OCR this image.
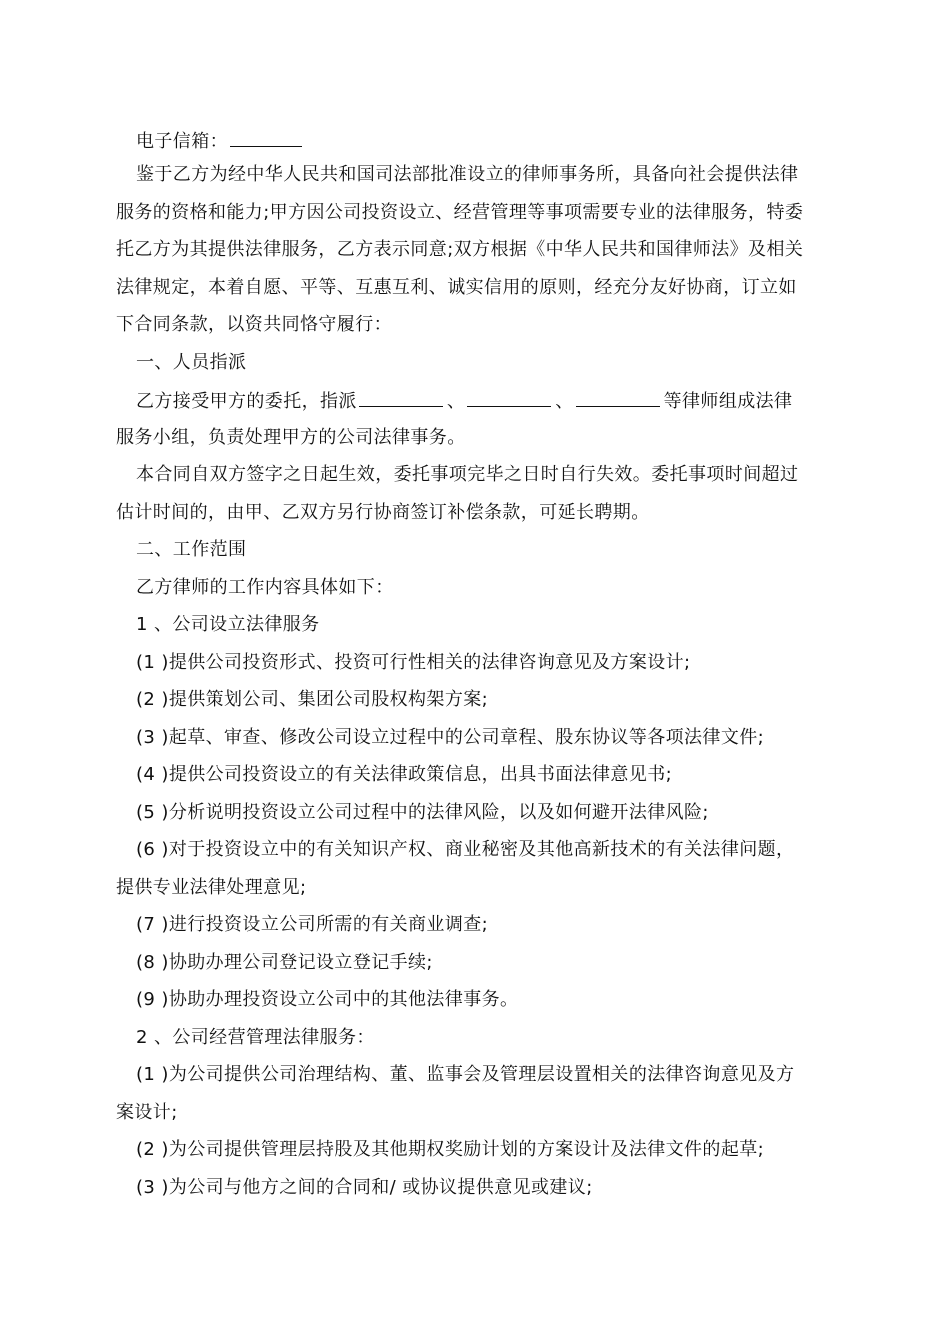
电子信箱：
鉴于乙方为经中华人民共和国司法部批准设立的律师事务所，具备向社会提供法律
服务的资格和能力;甲方因公司投资设立、经营管理等事项需要专业的法律服务，特委
托乙方为其提供法律服务，乙方表示同意;双方根据《中华人民共和国律师法》及相关
法律规定，本着自愿、平等、互惠互利、诚实信用的原则，经充分友好协商，订立如
下合同条款，以资共同恪守履行：
一、人员指派
乙方接受甲方的委托，指派	、	、	等律师组成法律
服务小组，负责处理甲方的公司法律事务。
本合同自双方签字之日起生效，委托事项完毕之日时自行失效。委托事项时间超过
估计时间的，由甲、乙双方另行协商签订补偿条款，可延长聘期。
二、工作范围
乙方律师的工作内容具体如下：
1 、公司设立法律服务
(1 )提供公司投资形式、投资可行性相关的法律咨询意见及方案设计;
(2 )提供策划公司、集团公司股权构架方案;
(3 )起草、审查、修改公司设立过程中的公司章程、股东协议等各项法律文件;
(4 )提供公司投资设立的有关法律政策信息，出具书面法律意见书;
(5 )分析说明投资设立公司过程中的法律风险，以及如何避开法律风险;
(6 )对于投资设立中的有关知识产权、商业秘密及其他高新技术的有关法律问题，
提供专业法律处理意见;
(7 )进行投资设立公司所需的有关商业调查;
(8 )协助办理公司登记设立登记手续;
(9 )协助办理投资设立公司中的其他法律事务。
2 、公司经营管理法律服务：
(1 )为公司提供公司治理结构、董、监事会及管理层设置相关的法律咨询意见及方
案设计;
(2 )为公司提供管理层持股及其他期权奖励计划的方案设计及法律文件的起草;
(3 )为公司与他方之间的合同和/ 或协议提供意见或建议;
